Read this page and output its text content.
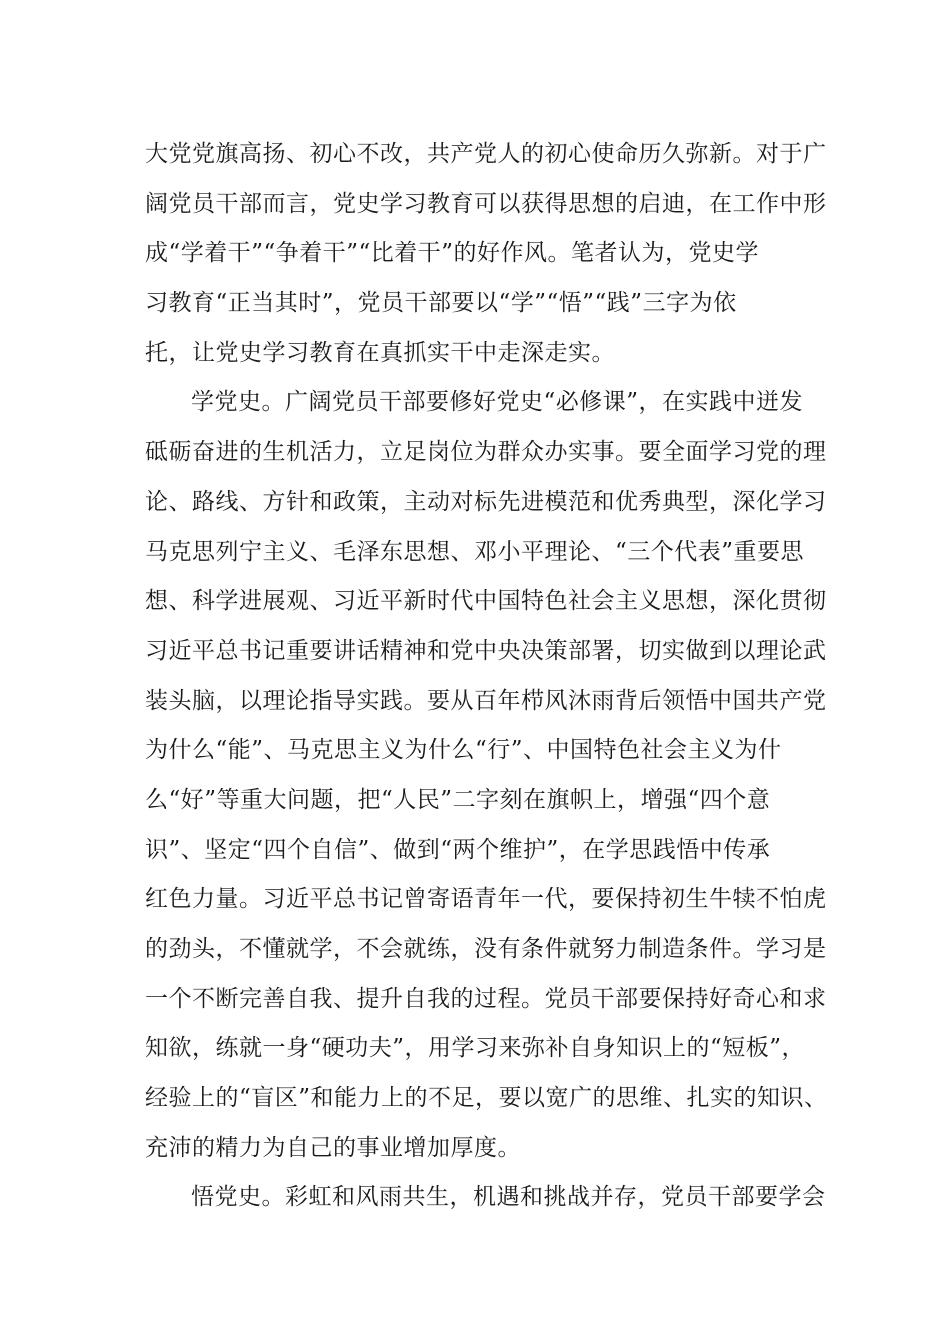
大党党旗高扬、初心不改，共产党人的初心使命历久弥新。对于广
阔党员干部而言，党史学习教育可以获得思想的启迪，在工作中形
成“学着干”“争着干”“比着干”的好作风。笔者认为，党史学
习教育“正当其时”，党员干部要以“学”“悟”“践”三字为依
托，让党史学习教育在真抓实干中走深走实。
学党史。广阔党员干部要修好党史“必修课”，在实践中迸发
砥砺奋进的生机活力，立足岗位为群众办实事。要全面学习党的理
论、路线、方针和政策，主动对标先进模范和优秀典型，深化学习
马克思列宁主义、毛泽东思想、邓小平理论、“三个代表”重要思
想、科学进展观、习近平新时代中国特色社会主义思想，深化贯彻
习近平总书记重要讲话精神和党中央决策部署，切实做到以理论武
装头脑，以理论指导实践。要从百年栉风沐雨背后领悟中国共产党
为什么“能”、马克思主义为什么“行”、中国特色社会主义为什
么“好”等重大问题，把“人民”二字刻在旗帜上，增强“四个意
识”、坚定“四个自信”、做到“两个维护”，在学思践悟中传承
红色力量。习近平总书记曾寄语青年一代，要保持初生牛犊不怕虎
的劲头，不懂就学，不会就练，没有条件就努力制造条件。学习是
一个不断完善自我、提升自我的过程。党员干部要保持好奇心和求
知欲，练就一身“硬功夫”，用学习来弥补自身知识上的“短板”，
经验上的“盲区”和能力上的不足，要以宽广的思维、扎实的知识、
充沛的精力为自己的事业增加厚度。
悟党史。彩虹和风雨共生，机遇和挑战并存，党员干部要学会
